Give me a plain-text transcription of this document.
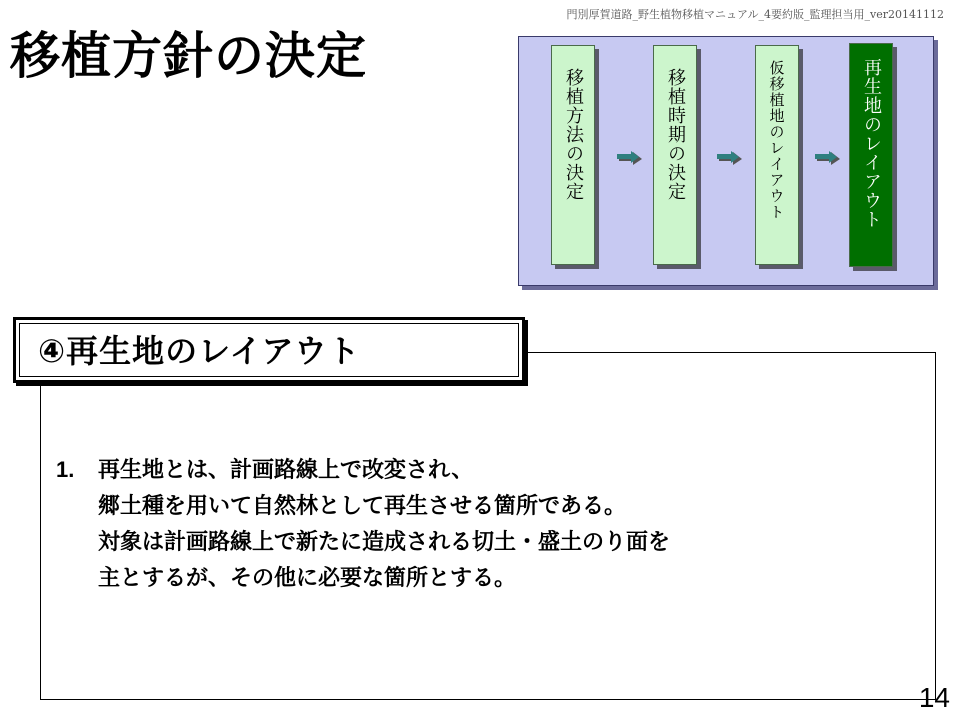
門別厚賀道路_野生植物移植マニュアル_4要約版_監理担当用_ver20141112
移植方針の決定
移植方法の決定	移植時期の決定	仮移植地のレイアウト	再生地のレイアウト
④再生地のレイアウト
1. 再生地とは、計画路線上で改変され、
郷土種を用いて自然林として再生させる箇所である。
対象は計画路線上で新たに造成される切土・盛土のり面を
主とするが、その他に必要な箇所とする。
14
